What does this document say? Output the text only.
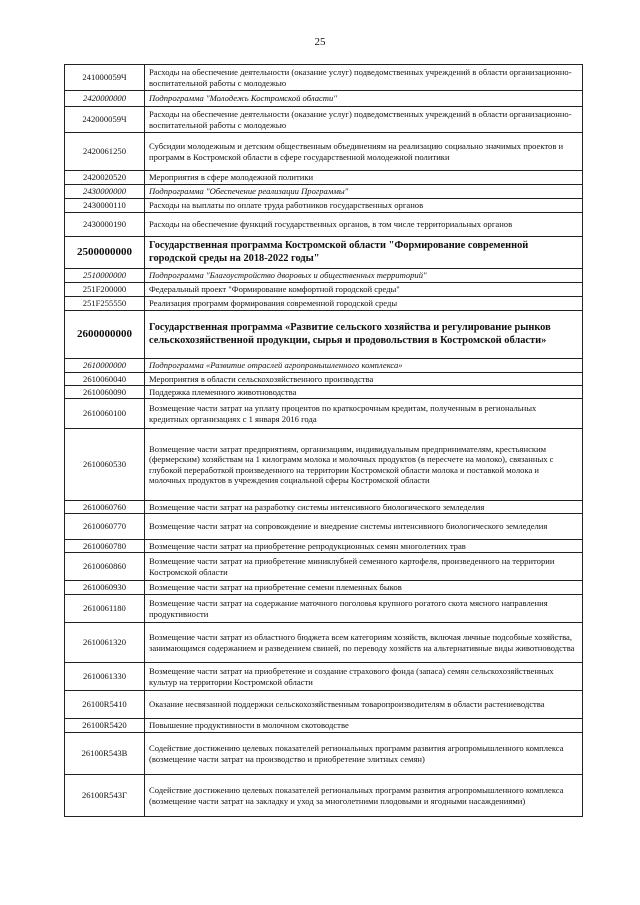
25
241000059Ч	Расходы на обеспечение деятельности (оказание услуг) подведомственных учреждений в области организационно-воспитательной работы с молодежью
2420000000	Подпрограмма "Молодежь Костромской области"
242000059Ч	Расходы на обеспечение деятельности (оказание услуг) подведомственных учреждений в области организационно-воспитательной работы с молодежью
2420061250	Субсидии молодежным и детским общественным объединениям на реализацию социально значимых проектов и программ в Костромской области в сфере государственной молодежной политики
2420020520	Мероприятия в сфере молодежной политики
2430000000	Подпрограмма "Обеспечение реализации Программы"
2430000110	Расходы на выплаты по оплате труда работников государственных органов
2430000190	Расходы на обеспечение функций государственных органов, в том числе территориальных органов
2500000000	Государственная программа Костромской области "Формирование современной городской среды на 2018-2022 годы"
2510000000	Подпрограмма "Благоустройство дворовых и общественных территорий"
251F200000	Федеральный проект "Формирование комфортной городской среды"
251F255550	Реализация программ формирования современной городской среды
2600000000	Государственная программа «Развитие сельского хозяйства и регулирование рынков сельскохозяйственной продукции, сырья и продовольствия в Костромской области»
2610000000	Подпрограмма «Развитие отраслей агропромышленного комплекса»
2610060040	Мероприятия в области сельскохозяйственного производства
2610060090	Поддержка племенного животноводства
2610060100	Возмещение части затрат на уплату процентов по краткосрочным кредитам, полученным в региональных кредитных организациях с 1 января 2016 года
2610060530	Возмещение части затрат предприятиям, организациям, индивидуальным предпринимателям, крестьянским (фермерским) хозяйствам на 1 килограмм молока и молочных продуктов (в пересчете на молоко), связанных с глубокой переработкой произведенного на территории Костромской области молока и поставкой молока и молочных продуктов в учреждения социальной сферы Костромской области
2610060760	Возмещение части затрат на разработку системы интенсивного биологического земледелия
2610060770	Возмещение части затрат на сопровождение и внедрение системы интенсивного биологического земледелия
2610060780	Возмещение части затрат на приобретение репродукционных семян многолетних трав
2610060860	Возмещение части затрат на приобретение миниклубней семенного картофеля, произведенного на территории Костромской области
2610060930	Возмещение части затрат на приобретение семени племенных быков
2610061180	Возмещение части затрат на содержание маточного поголовья крупного рогатого скота мясного направления продуктивности
2610061320	Возмещение части затрат из областного бюджета всем категориям хозяйств, включая личные подсобные хозяйства, занимающимся содержанием и разведением свиней, по переводу хозяйств на альтернативные виды животноводства
2610061330	Возмещение части затрат на приобретение и создание страхового фонда (запаса) семян сельскохозяйственных культур на территории Костромской области
26100R5410	Оказание несвязанной поддержки сельскохозяйственным товаропроизводителям в области растениеводства
26100R5420	Повышение продуктивности в молочном скотоводстве
26100R543В	Содействие достижению целевых показателей региональных программ развития агропромышленного комплекса (возмещение части затрат на производство и приобретение элитных семян)
26100R543Г	Содействие достижению целевых показателей региональных программ развития агропромышленного комплекса (возмещение части затрат на закладку и уход за многолетними плодовыми и ягодными насаждениями)
